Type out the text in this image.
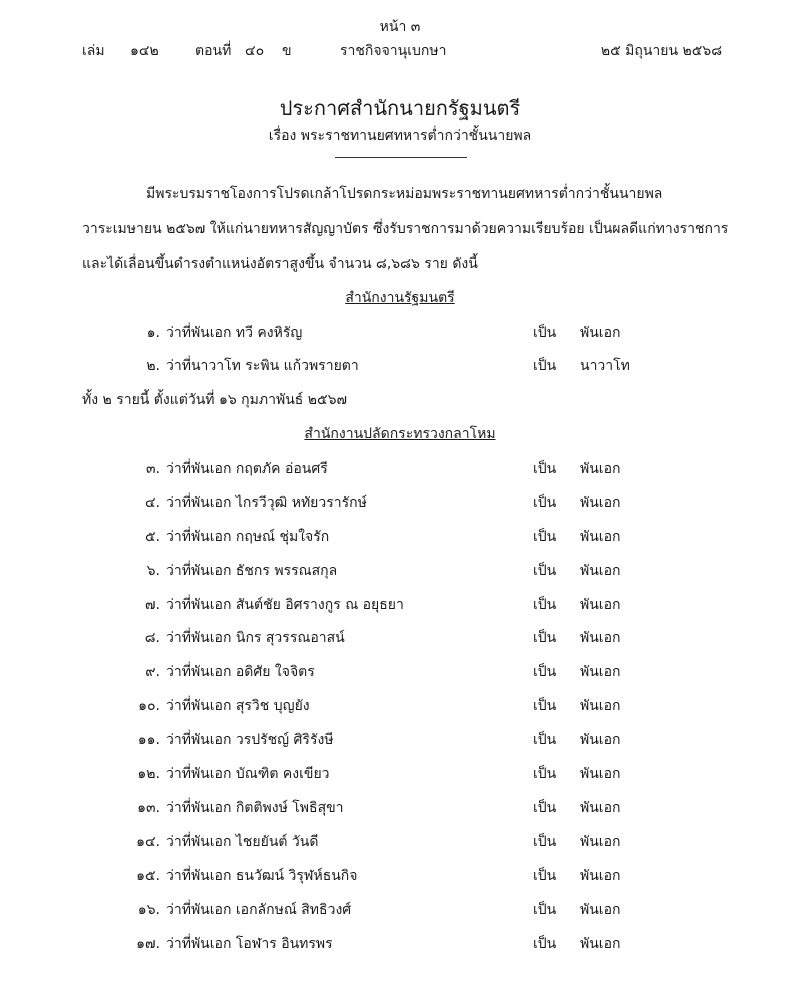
หน้า ๓
เล่ม ๑๔๒	ตอนที่ ๔๐ ข	ราชกิจจานุเบกษา	๒๕ มิถุนายน ๒๕๖๘
ประกาศสำนักนายกรัฐมนตรี
เรื่อง พระราชทานยศทหารต่ำกว่าชั้นนายพล
มีพระบรมราชโองการโปรดเกล้าโปรดกระหม่อมพระราชทานยศทหารต่ำกว่าชั้นนายพล
วาระเมษายน ๒๕๖๗ ให้แก่นายทหารสัญญาบัตร ซึ่งรับราชการมาด้วยความเรียบร้อย เป็นผลดีแก่ทางราชการ
และได้เลื่อนขึ้นดำรงตำแหน่งอัตราสูงขึ้น จำนวน ๘,๖๘๖ ราย ดังนี้
สำนักงานรัฐมนตรี
๑. ว่าที่พันเอก ทวี คงหิรัญ	เป็น พันเอก
๒. ว่าที่นาวาโท ระพิน แก้วพรายตา	เป็น นาวาโท
ทั้ง ๒ รายนี้ ตั้งแต่วันที่ ๑๖ กุมภาพันธ์ ๒๕๖๗
สำนักงานปลัดกระทรวงกลาโหม
๓. ว่าที่พันเอก กฤตภัค อ่อนศรี	เป็น พันเอก
๔. ว่าที่พันเอก ไกรวีวุฒิ หทัยวรารักษ์	เป็น พันเอก
๕. ว่าที่พันเอก กฤษณ์ ชุ่มใจรัก	เป็น พันเอก
๖. ว่าที่พันเอก ธัชกร พรรณสกุล	เป็น พันเอก
๗. ว่าที่พันเอก สันต์ชัย อิศรางกูร ณ อยุธยา	เป็น พันเอก
๘. ว่าที่พันเอก นิกร สุวรรณอาสน์	เป็น พันเอก
๙. ว่าที่พันเอก อดิศัย ใจจิตร	เป็น พันเอก
๑๐. ว่าที่พันเอก สุรวิช บุญยัง	เป็น พันเอก
๑๑. ว่าที่พันเอก วรปรัชญ์ ศิริรังษี	เป็น พันเอก
๑๒. ว่าที่พันเอก บัณฑิต คงเขียว	เป็น พันเอก
๑๓. ว่าที่พันเอก กิตติพงษ์ โพธิสุขา	เป็น พันเอก
๑๔. ว่าที่พันเอก ไชยยันต์ วันดี	เป็น พันเอก
๑๕. ว่าที่พันเอก ธนวัฒน์ วิรุฬห์ธนกิจ	เป็น พันเอก
๑๖. ว่าที่พันเอก เอกลักษณ์ สิทธิวงศ์	เป็น พันเอก
๑๗. ว่าที่พันเอก โอฬาร อินทรพร	เป็น พันเอก
